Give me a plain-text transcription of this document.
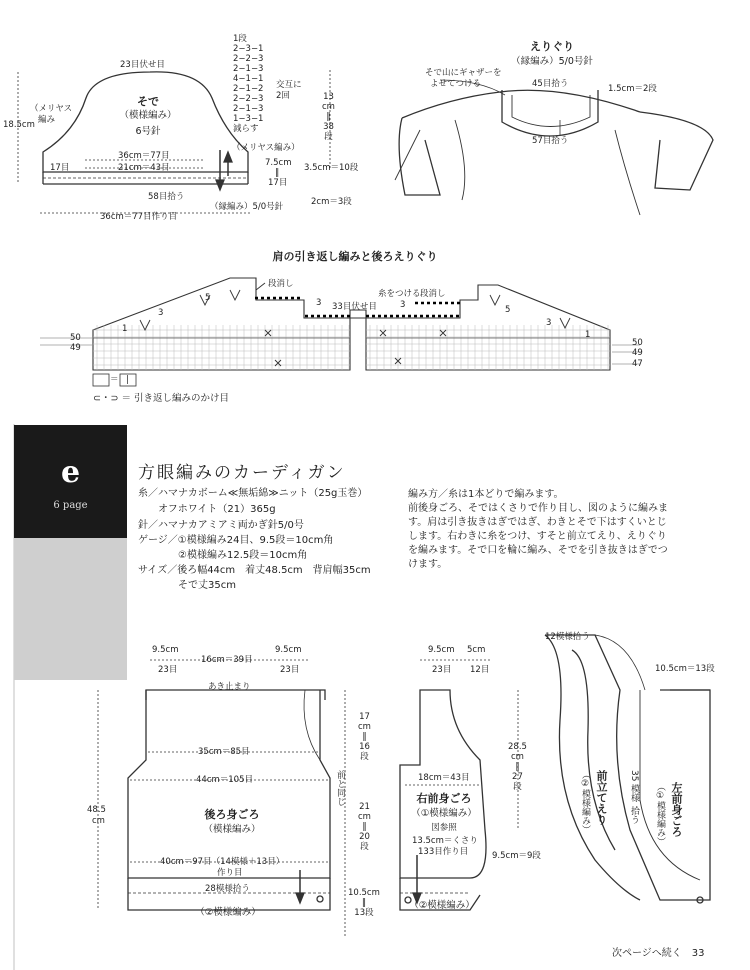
23目伏せ目
そで
（模様編み）
6号針
（メリヤス
編み
18.5cm
1段
2−3−1
2−2−3
2−1−3
4−1−1
2−1−2
2−2−3
2−1−3
1−3−1
減らす
交互に
2回	13
cm
‖
38
段
36cm＝77目
21cm＝43目
17目
（メリヤス編み）
7.5cm
‖
17目
3.5cm＝10段
58目拾う
（縁編み）5/0号針	2cm＝3段
36cm＝77目作り目
えりぐり
（縁編み）5/0号針
そで山にギャザーを
よせてつける	45目拾う	1.5cm＝2段
57目拾う
肩の引き返し編みと後ろえりぐり
段消し
33目伏せ目
糸をつける 段消し
50
49	50
49
47
1
3
5	3	3	5
3
1
＝ |
⊂・⊃ ＝ 引き返し編みのかけ目
e
6 page
方眼編みのカーディガン
糸／ハマナカボーム≪無垢綿≫ニット（25g玉巻）
　　オフホワイト（21）365g
針／ハマナカアミアミ両かぎ針5/0号
ゲージ／①模様編み24目、9.5段＝10cm角
　　　　②模様編み12.5段＝10cm角
サイズ／後ろ幅44cm　着丈48.5cm　背肩幅35cm
　　　　そで丈35cm
編み方／糸は1本どりで編みます。
前後身ごろ、そではくさりで作り目し、図のように編みま
す。肩は引き抜きはぎではぎ、わきとそで下はすくいとじ
します。右わきに糸をつけ、すそと前立てえり、えりぐり
を編みます。そで口を輪に編み、そでを引き抜きはぎでつ
けます。
9.5cm
23目
16cm＝39目
9.5cm
23目
あき止まり
35cm＝85目
44cm＝105目
後ろ身ごろ
（模様編み）
40cm＝97目（14模様＋13目）
作り目
28模様拾う
（②模様編み）
48.5
cm
17
cm
‖
16
段
21
cm
‖
20
段
10.5cm
‖
13段
前と同じ
9.5cm
23目
5cm
12目
18cm＝43目
右前身ごろ
（①模様編み）
図参照
13.5cm＝くさり
133目作り目
28.5
cm
‖
27
段
9.5cm＝9段
（②模様編み）
12模様拾う
10.5cm＝13段
前立てえり
（②模様編み）	35
模様
拾う	左前身ごろ
（①模様編み）
次ページへ続く　33
